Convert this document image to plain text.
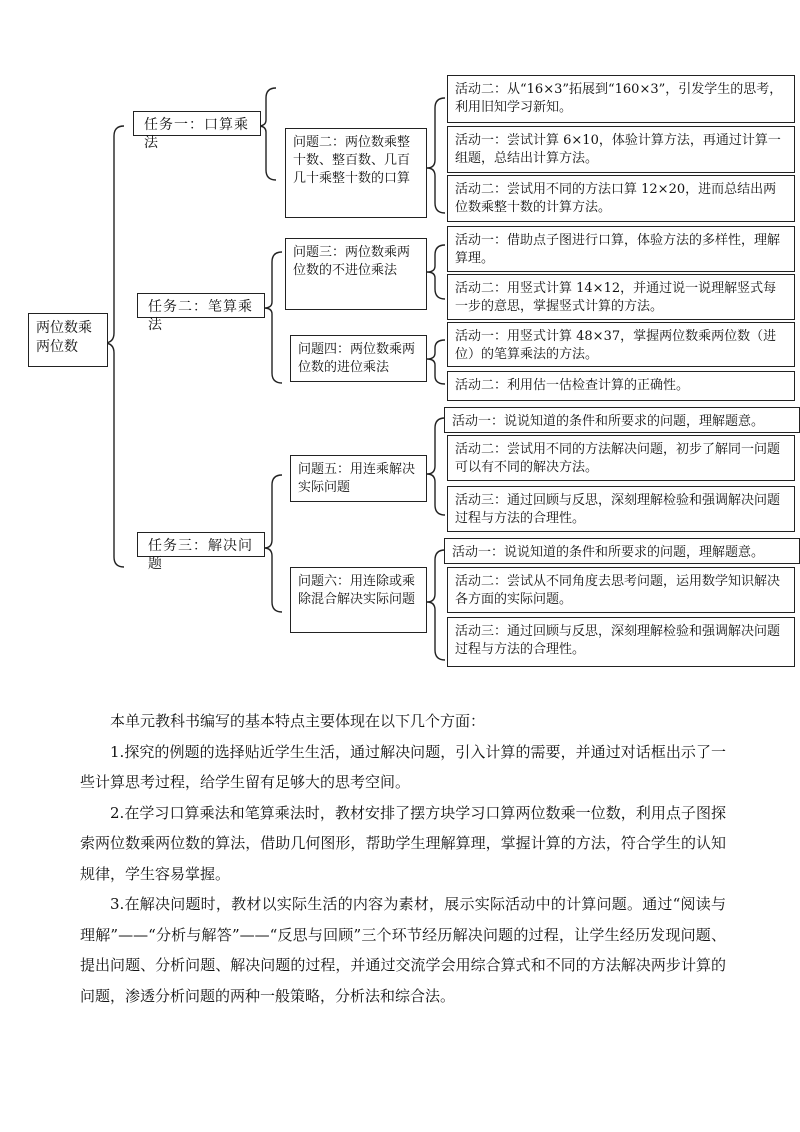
两位数乘两位数
任务一：口算乘法
任务二：笔算乘法
任务三：解决问题
问题二：两位数乘整十数、整百数、几百几十乘整十数的口算
问题三：两位数乘两位数的不进位乘法
问题四：两位数乘两位数的进位乘法
问题五：用连乘解决实际问题
问题六：用连除或乘除混合解决实际问题
活动二：从“16×3”拓展到“160×3”，引发学生的思考，利用旧知学习新知。
活动一：尝试计算 6×10，体验计算方法，再通过计算一组题，总结出计算方法。
活动二：尝试用不同的方法口算 12×20，进而总结出两位数乘整十数的计算方法。
活动一：借助点子图进行口算，体验方法的多样性，理解算理。
活动二：用竖式计算 14×12，并通过说一说理解竖式每一步的意思，掌握竖式计算的方法。
活动一：用竖式计算 48×37，掌握两位数乘两位数（进位）的笔算乘法的方法。
活动二：利用估一估检查计算的正确性。
活动一：说说知道的条件和所要求的问题，理解题意。
活动二：尝试用不同的方法解决问题，初步了解同一问题可以有不同的解决方法。
活动三：通过回顾与反思，深刻理解检验和强调解决问题过程与方法的合理性。
活动一：说说知道的条件和所要求的问题，理解题意。
活动二：尝试从不同角度去思考问题，运用数学知识解决各方面的实际问题。
活动三：通过回顾与反思，深刻理解检验和强调解决问题过程与方法的合理性。

本单元教科书编写的基本特点主要体现在以下几个方面：

1.探究的例题的选择贴近学生生活，通过解决问题，引入计算的需要，并通过对话框出示了一些计算思考过程，给学生留有足够大的思考空间。

2.在学习口算乘法和笔算乘法时，教材安排了摆方块学习口算两位数乘一位数，利用点子图探索两位数乘两位数的算法，借助几何图形，帮助学生理解算理，掌握计算的方法，符合学生的认知规律，学生容易掌握。

3.在解决问题时，教材以实际生活的内容为素材，展示实际活动中的计算问题。通过“阅读与理解”——“分析与解答”——“反思与回顾”三个环节经历解决问题的过程，让学生经历发现问题、提出问题、分析问题、解决问题的过程，并通过交流学会用综合算式和不同的方法解决两步计算的问题，渗透分析问题的两种一般策略，分析法和综合法。
